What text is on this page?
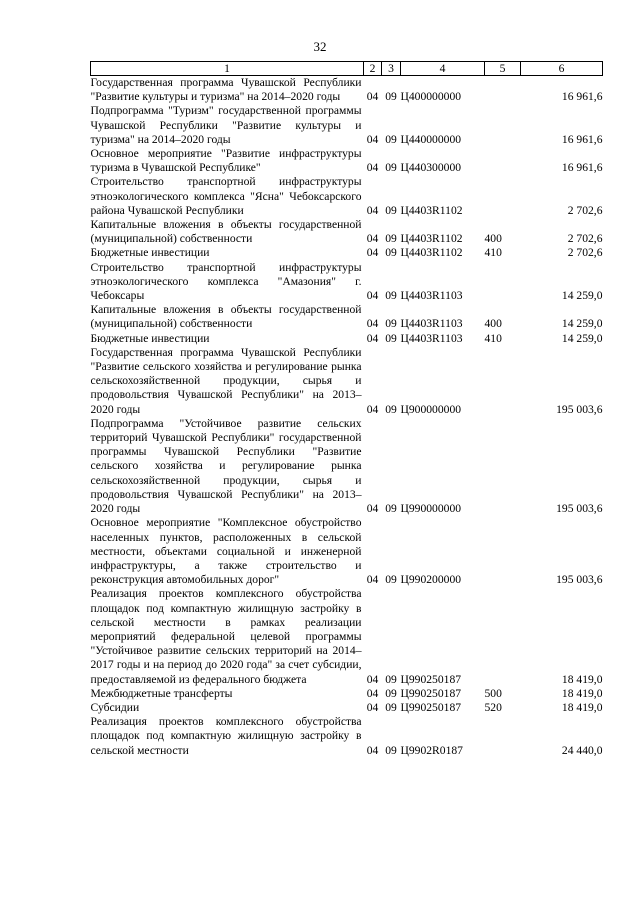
32
1	2	3	4	5	6
Государственная программа Чувашской Республики "Развитие культуры и туризма" на 2014–2020 годы	04	09	Ц400000000		16 961,6
Подпрограмма "Туризм" государственной программы Чувашской Республики "Развитие культуры и туризма" на 2014–2020 годы	04	09	Ц440000000		16 961,6
Основное мероприятие "Развитие инфраструктуры туризма в Чувашской Республике"	04	09	Ц440300000		16 961,6
Строительство транспортной инфраструктуры этноэкологического комплекса "Ясна" Чебоксарского района Чувашской Республики	04	09	Ц4403R1102		2 702,6
Капитальные вложения в объекты государственной (муниципальной) собственности	04	09	Ц4403R1102	400	2 702,6
Бюджетные инвестиции	04	09	Ц4403R1102	410	2 702,6
Строительство транспортной инфраструктуры этноэкологического комплекса "Амазония" г. Чебоксары	04	09	Ц4403R1103		14 259,0
Капитальные вложения в объекты государственной (муниципальной) собственности	04	09	Ц4403R1103	400	14 259,0
Бюджетные инвестиции	04	09	Ц4403R1103	410	14 259,0
Государственная программа Чувашской Республики "Развитие сельского хозяйства и регулирование рынка сельскохозяйственной продукции, сырья и продовольствия Чувашской Республики" на 2013–2020 годы	04	09	Ц900000000		195 003,6
Подпрограмма "Устойчивое развитие сельских территорий Чувашской Республики" государственной программы Чувашской Республики "Развитие сельского хозяйства и регулирование рынка сельскохозяйственной продукции, сырья и продовольствия Чувашской Республики" на 2013–2020 годы	04	09	Ц990000000		195 003,6
Основное мероприятие "Комплексное обустройство населенных пунктов, расположенных в сельской местности, объектами социальной и инженерной инфраструктуры, а также строительство и реконструкция автомобильных дорог"	04	09	Ц990200000		195 003,6
Реализация проектов комплексного обустройства площадок под компактную жилищную застройку в сельской местности в рамках реализации мероприятий федеральной целевой программы "Устойчивое развитие сельских территорий на 2014–2017 годы и на период до 2020 года" за счет субсидии, предоставляемой из федерального бюджета	04	09	Ц990250187		18 419,0
Межбюджетные трансферты	04	09	Ц990250187	500	18 419,0
Субсидии	04	09	Ц990250187	520	18 419,0
Реализация проектов комплексного обустройства площадок под компактную жилищную застройку в сельской местности	04	09	Ц9902R0187		24 440,0
